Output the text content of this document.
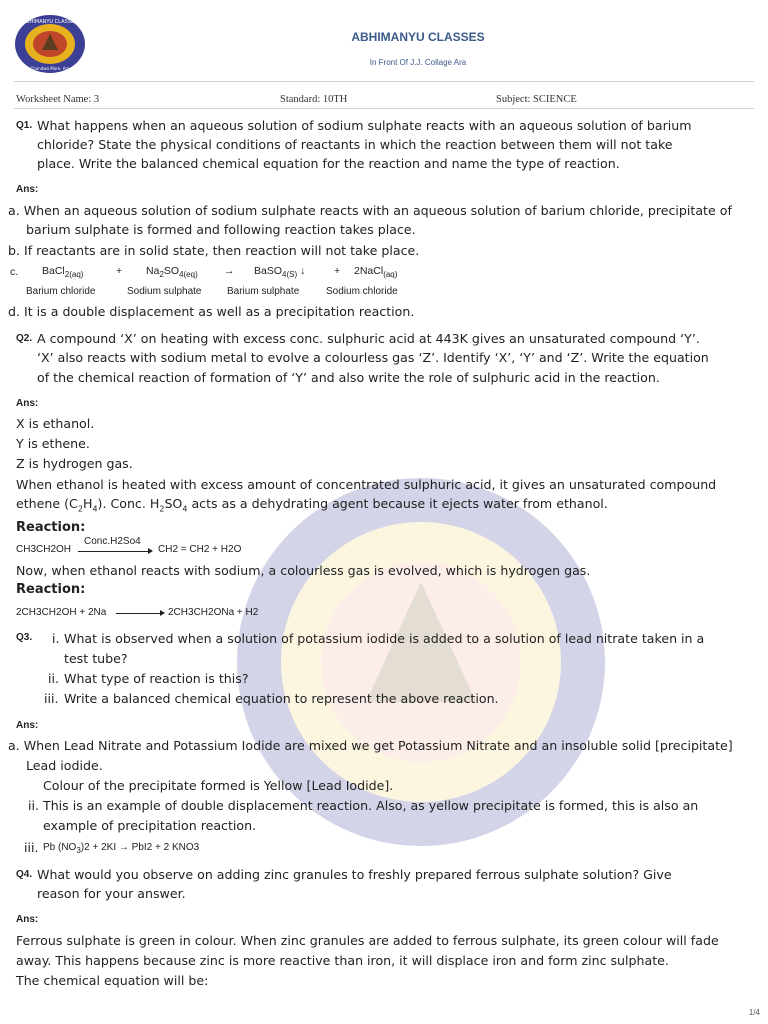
ABHIMANYU CLASSES
Chandwa More, Ara
ABHIMANYU CLASSES
In Front Of J.J. Collage Ara
Worksheet Name: 3	Standard: 10TH	Subject: SCIENCE
Q1. What happens when an aqueous solution of sodium sulphate reacts with an aqueous solution of barium
chloride? State the physical conditions of reactants in which the reaction between them will not take
place. Write the balanced chemical equation for the reaction and name the type of reaction.
Ans:
a. When an aqueous solution of sodium sulphate reacts with an aqueous solution of barium chloride, precipitate of
barium sulphate is formed and following reaction takes place.
b. If reactants are in solid state, then reaction will not take place.
c. BaCl$_{2(aq)}$	+ $Na_2SO_{4(eq)}$	→ BaSO$_{4(S)}$ ↓	+ 2NaCl$_{(aq)}$
Barium chloride	Sodium sulphate	Barium sulphate	Sodium chloride
d. It is a double displacement as well as a precipitation reaction.
Q2. A compound ‘X’ on heating with excess conc. sulphuric acid at 443K gives an unsaturated compound ‘Y’.
‘X’ also reacts with sodium metal to evolve a colourless gas ‘Z’. Identify ‘X’, ‘Y’ and ‘Z’. Write the equation
of the chemical reaction of formation of ‘Y’ and also write the role of sulphuric acid in the reaction.
Ans:
X is ethanol.
Y is ethene.
Z is hydrogen gas.
When ethanol is heated with excess amount of concentrated sulphuric acid, it gives an unsaturated compound
ethene $(C_2H_4)$. Conc. $H_2SO_4$ acts as a dehydrating agent because it ejects water from ethanol.
Reaction:
CH3CH2OH
Conc.H2So4
CH2 = CH2 + H2O
Now, when ethanol reacts with sodium, a colourless gas is evolved, which is hydrogen gas.
Reaction:
2CH3CH2OH + 2Na	2CH3CH2ONa + H2
Q3. i. What is observed when a solution of potassium iodide is added to a solution of lead nitrate taken in a
test tube?
ii. What type of reaction is this?
iii. Write a balanced chemical equation to represent the above reaction.
Ans:
a. When Lead Nitrate and Potassium Iodide are mixed we get Potassium Nitrate and an insoluble solid [precipitate]
Lead iodide.
Colour of the precipitate formed is Yellow [Lead Iodide].
ii. This is an example of double displacement reaction. Also, as yellow precipitate is formed, this is also an
example of precipitation reaction.
iii. Pb $(NO_3)2 + 2KI \to PbI2 + 2$ KNO3
Q4. What would you observe on adding zinc granules to freshly prepared ferrous sulphate solution? Give
reason for your answer.
Ans:
Ferrous sulphate is green in colour. When zinc granules are added to ferrous sulphate, its green colour will fade
away. This happens because zinc is more reactive than iron, it will displace iron and form zinc sulphate.
The chemical equation will be:
1/4
